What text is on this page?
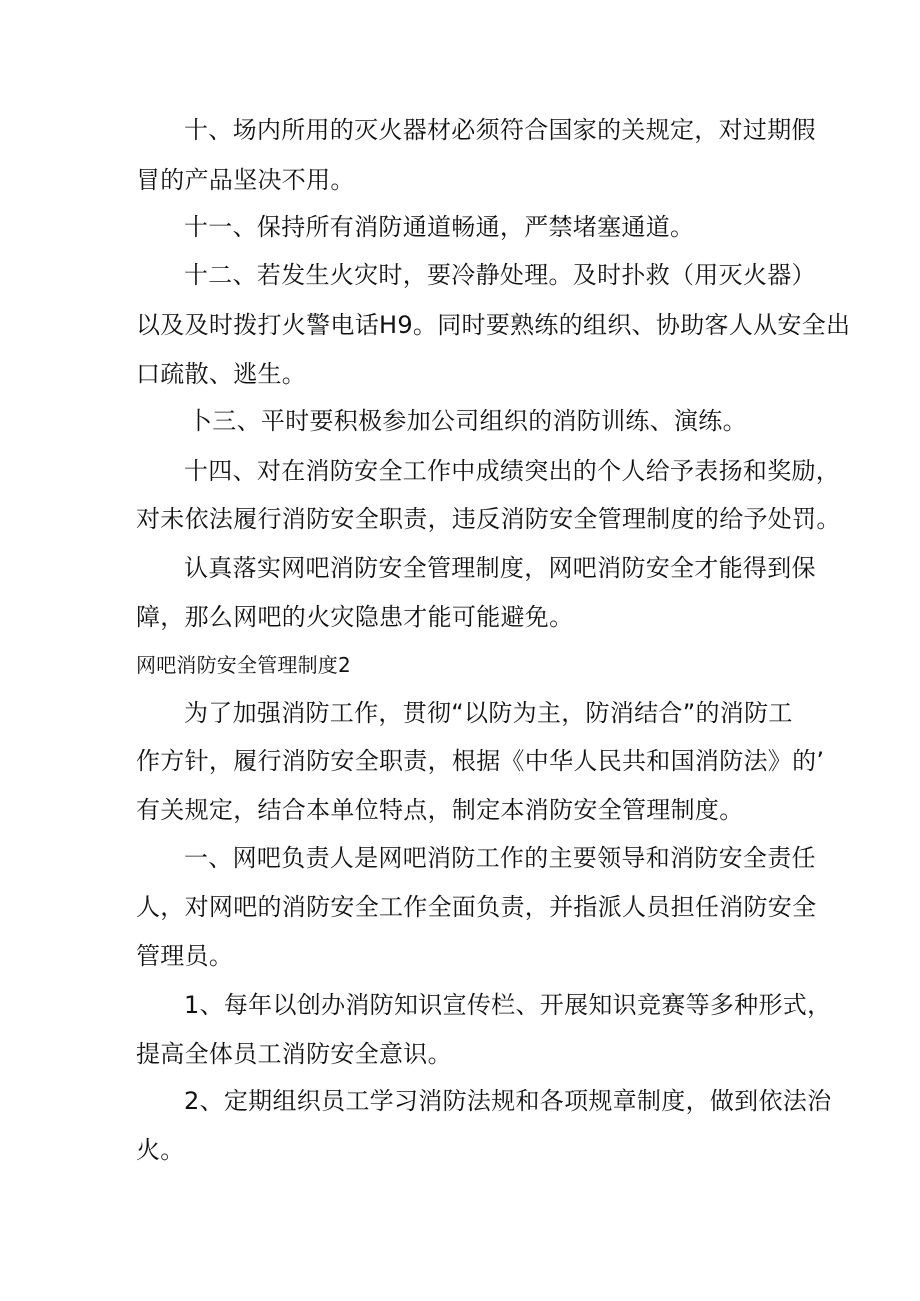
十、场内所用的灭火器材必须符合国家的关规定，对过期假
冒的产品坚决不用。
十一、保持所有消防通道畅通，严禁堵塞通道。
十二、若发生火灾时，要冷静处理。及时扑救（用灭火器）
以及及时拨打火警电话H9。同时要熟练的组织、协助客人从安全出
口疏散、逃生。
卜三、平时要积极参加公司组织的消防训练、演练。
十四、对在消防安全工作中成绩突出的个人给予表扬和奖励，
对未依法履行消防安全职责，违反消防安全管理制度的给予处罚。
认真落实网吧消防安全管理制度，网吧消防安全才能得到保
障，那么网吧的火灾隐患才能可能避免。
网吧消防安全管理制度2
为了加强消防工作，贯彻“以防为主，防消结合”的消防工
作方针，履行消防安全职责，根据《中华人民共和国消防法》的’
有关规定，结合本单位特点，制定本消防安全管理制度。
一、网吧负责人是网吧消防工作的主要领导和消防安全责任
人，对网吧的消防安全工作全面负责，并指派人员担任消防安全
管理员。
1、每年以创办消防知识宣传栏、开展知识竞赛等多种形式，
提高全体员工消防安全意识。
2、定期组织员工学习消防法规和各项规章制度，做到依法治
火。
